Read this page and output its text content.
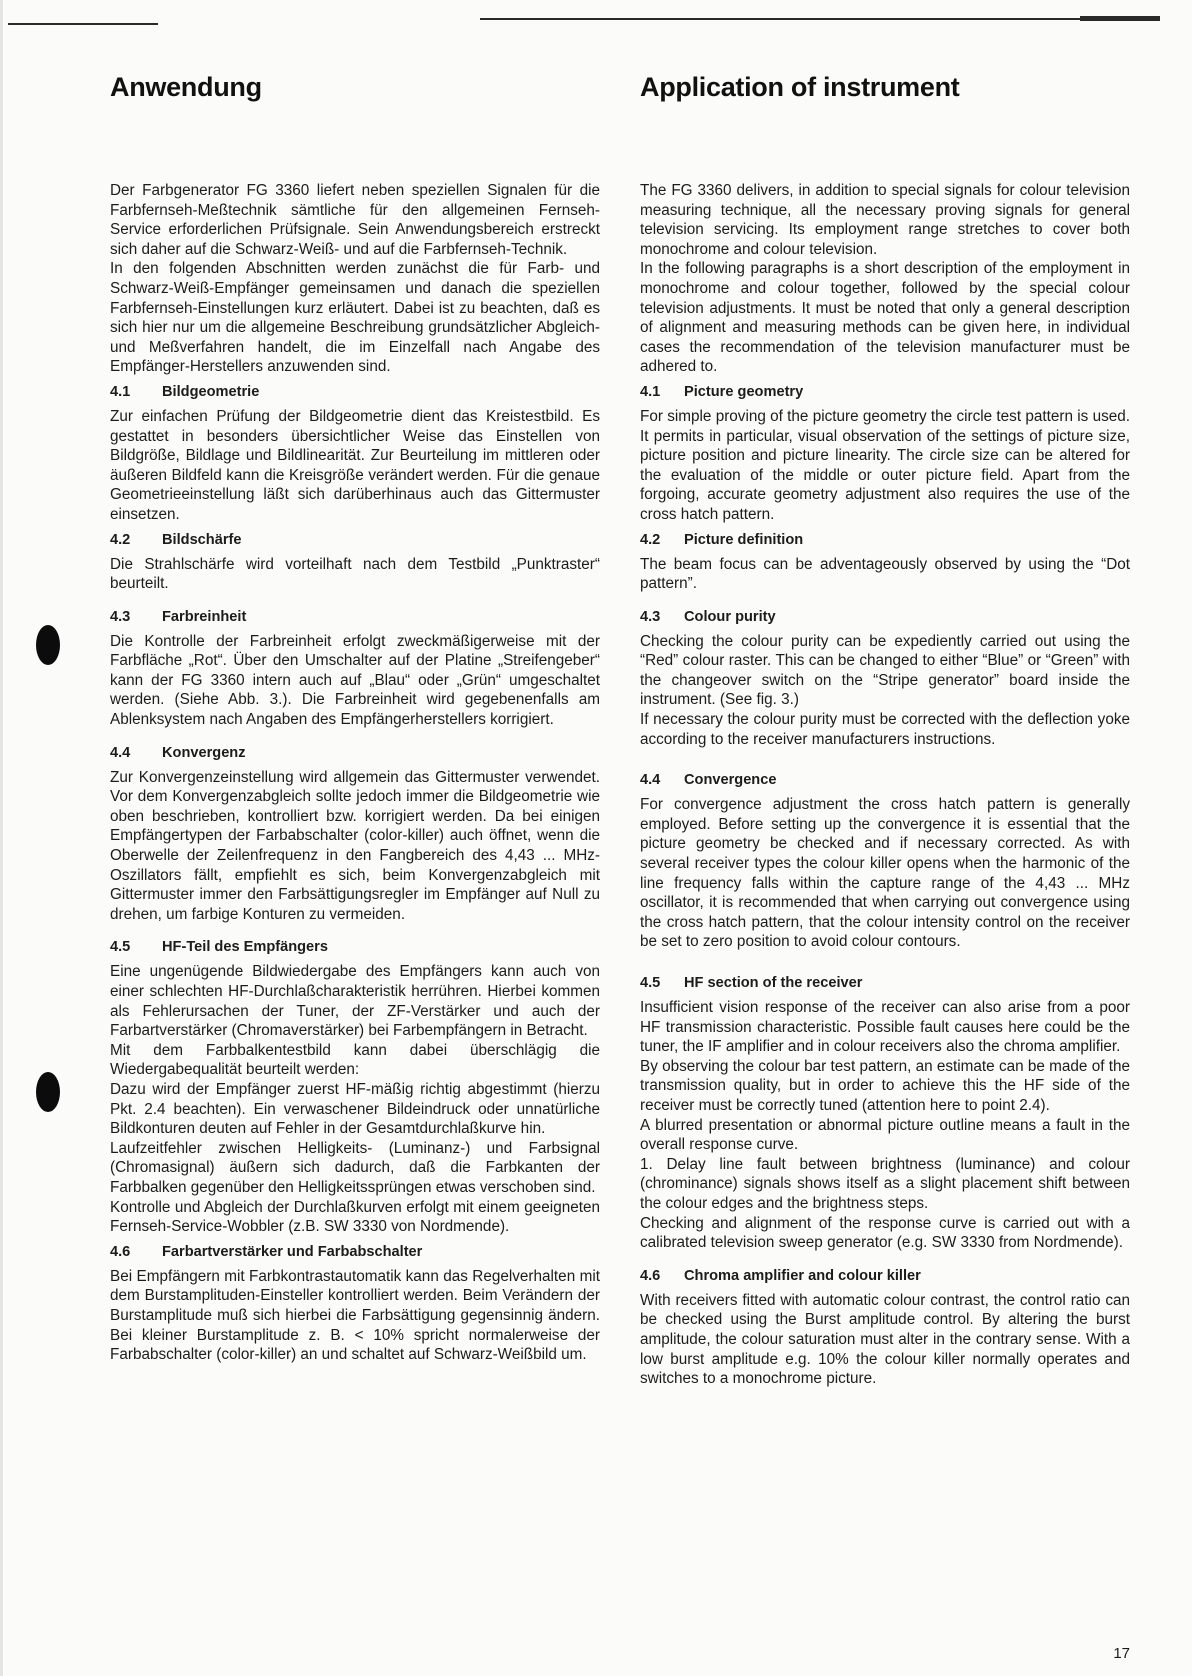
Anwendung	Application of instrument

Der Farbgenerator FG 3360 liefert neben speziellen Signalen für die Farbfernseh-Meßtechnik sämtliche für den allgemeinen Fernseh-Service erforderlichen Prüfsignale. Sein Anwendungsbereich erstreckt sich daher auf die Schwarz-Weiß- und auf die Farbfernseh-Technik.

In den folgenden Abschnitten werden zunächst die für Farb- und Schwarz-Weiß-Empfänger gemeinsamen und danach die speziellen Farbfernseh-Einstellungen kurz erläutert. Dabei ist zu beachten, daß es sich hier nur um die allgemeine Beschreibung grundsätzlicher Abgleich- und Meßverfahren handelt, die im Einzelfall nach Angabe des Empfänger-Herstellers anzuwenden sind.

4.1 Bildgeometrie

Zur einfachen Prüfung der Bildgeometrie dient das Kreistestbild. Es gestattet in besonders übersichtlicher Weise das Einstellen von Bildgröße, Bildlage und Bildlinearität. Zur Beurteilung im mittleren oder äußeren Bildfeld kann die Kreisgröße verändert werden. Für die genaue Geometrieeinstellung läßt sich darüberhinaus auch das Gittermuster einsetzen.

4.2 Bildschärfe

Die Strahlschärfe wird vorteilhaft nach dem Testbild „Punktraster“ beurteilt.

4.3 Farbreinheit

Die Kontrolle der Farbreinheit erfolgt zweckmäßigerweise mit der Farbfläche „Rot“. Über den Umschalter auf der Platine „Streifengeber“ kann der FG 3360 intern auch auf „Blau“ oder „Grün“ umgeschaltet werden. (Siehe Abb. 3.). Die Farbreinheit wird gegebenenfalls am Ablenksystem nach Angaben des Empfängerherstellers korrigiert.

4.4 Konvergenz

Zur Konvergenzeinstellung wird allgemein das Gittermuster verwendet. Vor dem Konvergenzabgleich sollte jedoch immer die Bildgeometrie wie oben beschrieben, kontrolliert bzw. korrigiert werden. Da bei einigen Empfängertypen der Farbabschalter (color-killer) auch öffnet, wenn die Oberwelle der Zeilenfrequenz in den Fangbereich des 4,43 ... MHz-Oszillators fällt, empfiehlt es sich, beim Konvergenzabgleich mit Gittermuster immer den Farbsättigungsregler im Empfänger auf Null zu drehen, um farbige Konturen zu vermeiden.

4.5 HF-Teil des Empfängers

Eine ungenügende Bildwiedergabe des Empfängers kann auch von einer schlechten HF-Durchlaßcharakteristik herrühren. Hierbei kommen als Fehlerursachen der Tuner, der ZF-Verstärker und auch der Farbartverstärker (Chromaverstärker) bei Farbempfängern in Betracht.

Mit dem Farbbalkentestbild kann dabei überschlägig die Wiedergabequalität beurteilt werden:

Dazu wird der Empfänger zuerst HF-mäßig richtig abgestimmt (hierzu Pkt. 2.4 beachten). Ein verwaschener Bildeindruck oder unnatürliche Bildkonturen deuten auf Fehler in der Gesamtdurchlaßkurve hin.

Laufzeitfehler zwischen Helligkeits- (Luminanz-) und Farbsignal (Chromasignal) äußern sich dadurch, daß die Farbkanten der Farbbalken gegenüber den Helligkeitssprüngen etwas verschoben sind.

Kontrolle und Abgleich der Durchlaßkurven erfolgt mit einem geeigneten Fernseh-Service-Wobbler (z.B. SW 3330 von Nordmende).

4.6 Farbartverstärker und Farbabschalter

Bei Empfängern mit Farbkontrastautomatik kann das Regelverhalten mit dem Burstamplituden-Einsteller kontrolliert werden. Beim Verändern der Burstamplitude muß sich hierbei die Farbsättigung gegensinnig ändern. Bei kleiner Burstamplitude z. B. < 10% spricht normalerweise der Farbabschalter (color-killer) an und schaltet auf Schwarz-Weißbild um.

The FG 3360 delivers, in addition to special signals for colour television measuring technique, all the necessary proving signals for general television servicing. Its employment range stretches to cover both monochrome and colour television.

In the following paragraphs is a short description of the employment in monochrome and colour together, followed by the special colour television adjustments. It must be noted that only a general description of alignment and measuring methods can be given here, in individual cases the recommendation of the television manufacturer must be adhered to.

4.1 Picture geometry

For simple proving of the picture geometry the circle test pattern is used. It permits in particular, visual observation of the settings of picture size, picture position and picture linearity. The circle size can be altered for the evaluation of the middle or outer picture field. Apart from the forgoing, accurate geometry adjustment also requires the use of the cross hatch pattern.

4.2 Picture definition

The beam focus can be adventageously observed by using the “Dot pattern”.

4.3 Colour purity

Checking the colour purity can be expediently carried out using the “Red” colour raster. This can be changed to either “Blue” or “Green” with the changeover switch on the “Stripe generator” board inside the instrument. (See fig. 3.)

If necessary the colour purity must be corrected with the deflection yoke according to the receiver manufacturers instructions.

4.4 Convergence

For convergence adjustment the cross hatch pattern is generally employed. Before setting up the convergence it is essential that the picture geometry be checked and if necessary corrected. As with several receiver types the colour killer opens when the harmonic of the line frequency falls within the capture range of the 4,43 ... MHz oscillator, it is recommended that when carrying out convergence using the cross hatch pattern, that the colour intensity control on the receiver be set to zero position to avoid colour contours.

4.5 HF section of the receiver

Insufficient vision response of the receiver can also arise from a poor HF transmission characteristic. Possible fault causes here could be the tuner, the IF amplifier and in colour receivers also the chroma amplifier.

By observing the colour bar test pattern, an estimate can be made of the transmission quality, but in order to achieve this the HF side of the receiver must be correctly tuned (attention here to point 2.4).

A blurred presentation or abnormal picture outline means a fault in the overall response curve.

1. Delay line fault between brightness (luminance) and colour (chrominance) signals shows itself as a slight placement shift between the colour edges and the brightness steps.

Checking and alignment of the response curve is carried out with a calibrated television sweep generator (e.g. SW 3330 from Nordmende).

4.6 Chroma amplifier and colour killer

With receivers fitted with automatic colour contrast, the control ratio can be checked using the Burst amplitude control. By altering the burst amplitude, the colour saturation must alter in the contrary sense. With a low burst amplitude e.g. 10% the colour killer normally operates and switches to a monochrome picture.

17
